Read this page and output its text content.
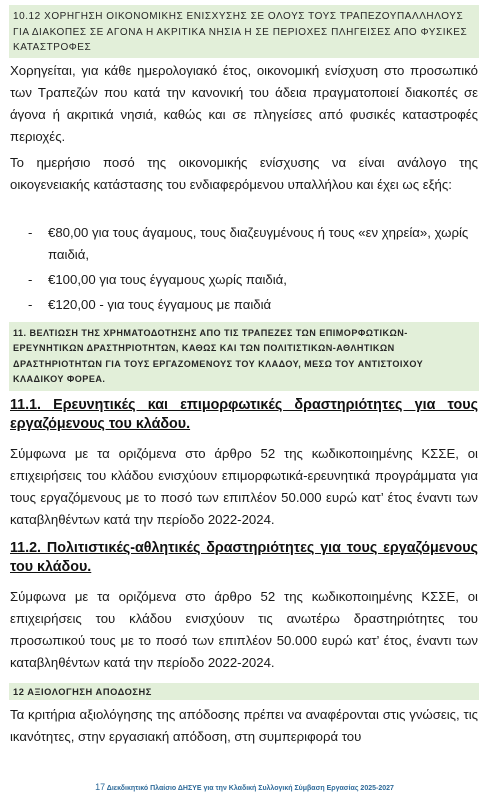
10.12 ΧΟΡΗΓΗΣΗ ΟΙΚΟΝΟΜΙΚΗΣ ΕΝΙΣΧΥΣΗΣ ΣΕ ΟΛΟΥΣ ΤΟΥΣ ΤΡΑΠΕΖΟΥΠΑΛΛΗΛΟΥΣ ΓΙΑ ΔΙΑΚΟΠΕΣ ΣΕ ΑΓΟΝΑ Η ΑΚΡΙΤΙΚΑ ΝΗΣΙΑ Η ΣΕ ΠΕΡΙΟΧΕΣ ΠΛΗΓΕΙΣΕΣ ΑΠΟ ΦΥΣΙΚΕΣ ΚΑΤΑΣΤΡΟΦΕΣ

Χορηγείται, για κάθε ημερολογιακό έτος, οικονομική ενίσχυση στο προσωπικό των Τραπεζών που κατά την κανονική του άδεια πραγματοποιεί διακοπές σε άγονα ή ακριτικά νησιά, καθώς και σε πληγείσες από φυσικές καταστροφές περιοχές.

Το ημερήσιο ποσό της οικονομικής ενίσχυσης να είναι ανάλογο της οικογενειακής κατάστασης του ενδιαφερόμενου υπαλλήλου και έχει ως εξής:

- €80,00 για τους άγαμους, τους διαζευγμένους ή τους «εν χηρεία», χωρίς παιδιά,
- €100,00 για τους έγγαμους χωρίς παιδιά,
- €120,00 - για τους έγγαμους με παιδιά
11. ΒΕΛΤΙΩΣΗ ΤΗΣ ΧΡΗΜΑΤΟΔΟΤΗΣΗΣ ΑΠΟ ΤΙΣ ΤΡΑΠΕΖΕΣ ΤΩΝ ΕΠΙΜΟΡΦΩΤΙΚΩΝ-ΕΡΕΥΝΗΤΙΚΩΝ ΔΡΑΣΤΗΡΙΟΤΗΤΩΝ, ΚΑΘΩΣ ΚΑΙ ΤΩΝ ΠΟΛΙΤΙΣΤΙΚΩΝ-ΑΘΛΗΤΙΚΩΝ ΔΡΑΣΤΗΡΙΟΤΗΤΩΝ ΓΙΑ ΤΟΥΣ ΕΡΓΑΖΟΜΕΝΟΥΣ ΤΟΥ ΚΛΑΔΟΥ, ΜΕΣΩ ΤΟΥ ΑΝΤΙΣΤΟΙΧΟΥ ΚΛΑΔΙΚΟΥ ΦΟΡΕΑ.

11.1. Ερευνητικές και επιμορφωτικές δραστηριότητες για τους εργαζόμενους του κλάδου.

Σύμφωνα με τα οριζόμενα στο άρθρο 52 της κωδικοποιημένης ΚΣΣΕ, οι επιχειρήσεις του κλάδου ενισχύουν επιμορφωτικά-ερευνητικά προγράμματα για τους εργαζόμενους με το ποσό των επιπλέον 50.000 ευρώ κατ’ έτος έναντι των καταβληθέντων κατά την περίοδο 2022-2024.

11.2. Πολιτιστικές-αθλητικές δραστηριότητες για τους εργαζόμενους του κλάδου.

Σύμφωνα με τα οριζόμενα στο άρθρο 52 της κωδικοποιημένης ΚΣΣΕ, οι επιχειρήσεις του κλάδου ενισχύουν τις ανωτέρω δραστηριότητες του προσωπικού τους με το ποσό των επιπλέον 50.000 ευρώ κατ’ έτος, έναντι των καταβληθέντων κατά την περίοδο 2022-2024.

12 ΑΞΙΟΛΟΓΗΣΗ ΑΠΟΔΟΣΗΣ

Τα κριτήρια αξιολόγησης της απόδοσης πρέπει να αναφέρονται στις γνώσεις, τις ικανότητες, στην εργασιακή απόδοση, στη συμπεριφορά του

17 Διεκδικητικό Πλαίσιο ΔΗΣΥΕ για την Κλαδική Συλλογική Σύμβαση Εργασίας 2025-2027
